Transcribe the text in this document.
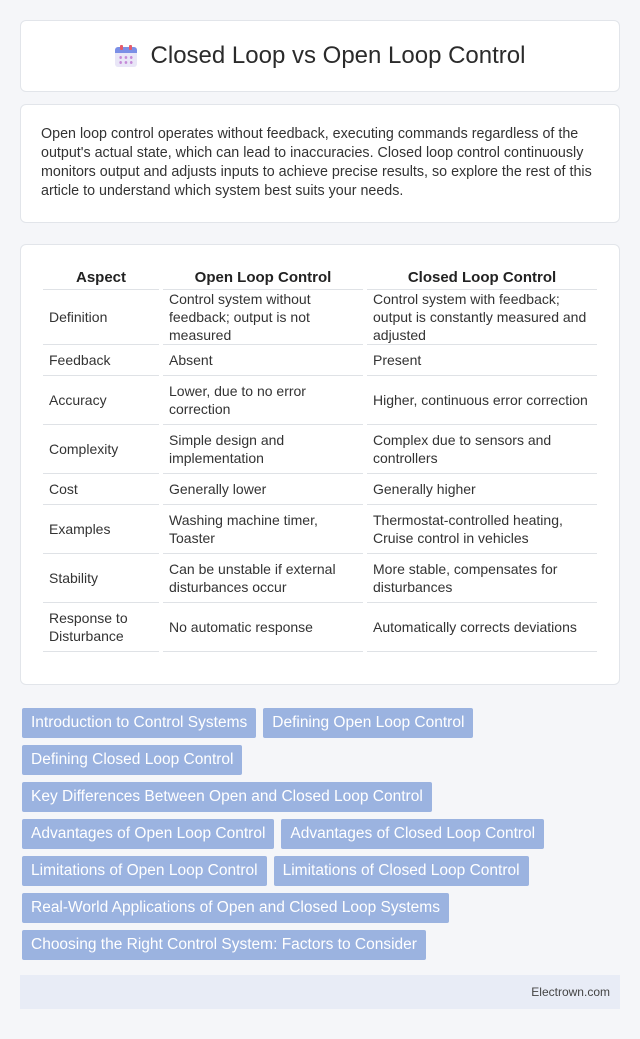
Closed Loop vs Open Loop Control

Open loop control operates without feedback, executing commands regardless of the output's actual state, which can lead to inaccuracies. Closed loop control continuously monitors output and adjusts inputs to achieve precise results, so explore the rest of this article to understand which system best suits your needs.

Aspect	Open Loop Control	Closed Loop Control
Definition	Control system without feedback; output is not measured	Control system with feedback; output is constantly measured and adjusted
Feedback	Absent	Present
Accuracy	Lower, due to no error correction	Higher, continuous error correction
Complexity	Simple design and implementation	Complex due to sensors and controllers
Cost	Generally lower	Generally higher
Examples	Washing machine timer, Toaster	Thermostat-controlled heating, Cruise control in vehicles
Stability	Can be unstable if external disturbances occur	More stable, compensates for disturbances
Response to Disturbance	No automatic response	Automatically corrects deviations
Introduction to Control Systems	Defining Open Loop Control
Defining Closed Loop Control
Key Differences Between Open and Closed Loop Control
Advantages of Open Loop Control	Advantages of Closed Loop Control
Limitations of Open Loop Control	Limitations of Closed Loop Control
Real-World Applications of Open and Closed Loop Systems
Choosing the Right Control System: Factors to Consider
Electrown.com
